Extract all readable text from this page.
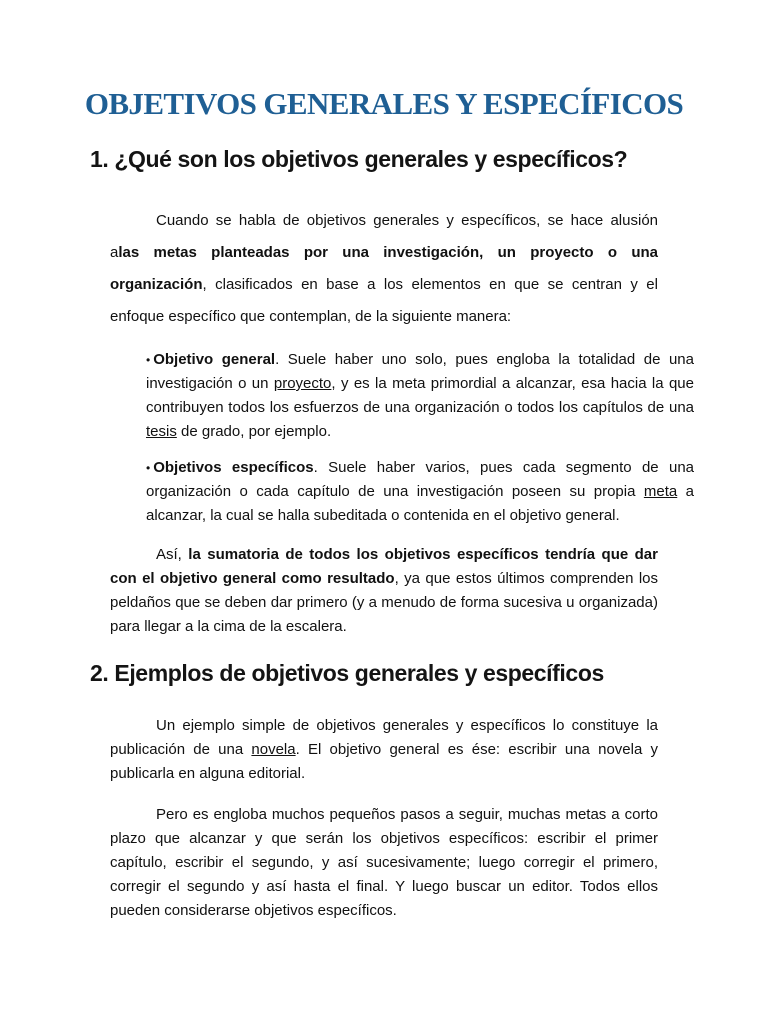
OBJETIVOS GENERALES Y ESPECÍFICOS
1. ¿Qué son los objetivos generales y específicos?

Cuando se habla de objetivos generales y específicos, se hace alusión alas metas planteadas por una investigación, un proyecto o una organización, clasificados en base a los elementos en que se centran y el enfoque específico que contemplan, de la siguiente manera:

• Objetivo general. Suele haber uno solo, pues engloba la totalidad de una investigación o un proyecto, y es la meta primordial a alcanzar, esa hacia la que contribuyen todos los esfuerzos de una organización o todos los capítulos de una tesis de grado, por ejemplo.

• Objetivos específicos. Suele haber varios, pues cada segmento de una organización o cada capítulo de una investigación poseen su propia meta a alcanzar, la cual se halla subeditada o contenida en el objetivo general.

Así, la sumatoria de todos los objetivos específicos tendría que dar con el objetivo general como resultado, ya que estos últimos comprenden los peldaños que se deben dar primero (y a menudo de forma sucesiva u organizada) para llegar a la cima de la escalera.

2. Ejemplos de objetivos generales y específicos

Un ejemplo simple de objetivos generales y específicos lo constituye la publicación de una novela. El objetivo general es ése: escribir una novela y publicarla en alguna editorial.

Pero es engloba muchos pequeños pasos a seguir, muchas metas a corto plazo que alcanzar y que serán los objetivos específicos: escribir el primer capítulo, escribir el segundo, y así sucesivamente; luego corregir el primero, corregir el segundo y así hasta el final. Y luego buscar un editor. Todos ellos pueden considerarse objetivos específicos.
